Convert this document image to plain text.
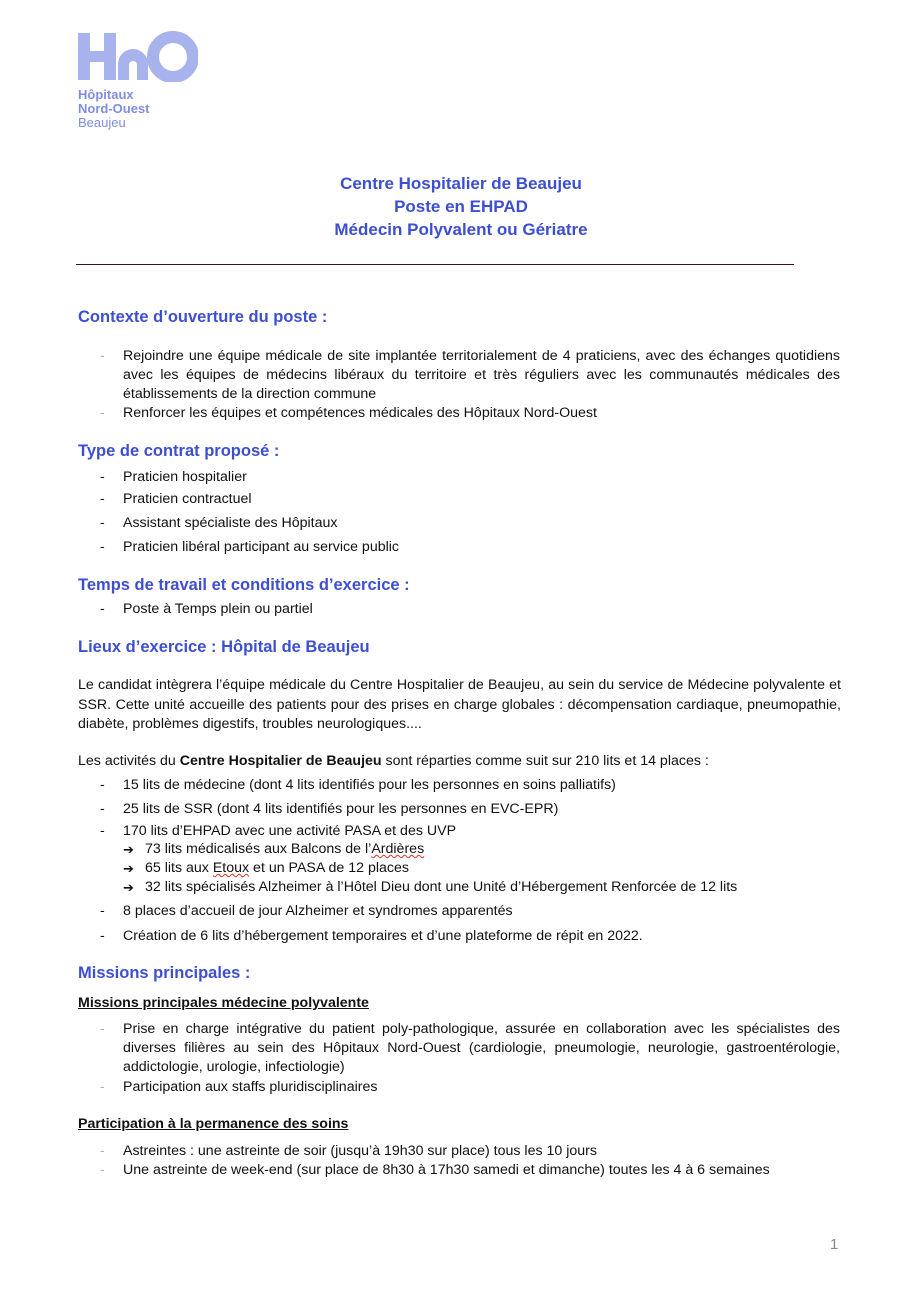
Hôpitaux
Nord-Ouest
Beaujeu
Centre Hospitalier de Beaujeu
Poste en EHPAD
Médecin Polyvalent ou Gériatre
Contexte d’ouverture du poste :
- Rejoindre une équipe médicale de site implantée territorialement de 4 praticiens, avec des échanges quotidiens avec les équipes de médecins libéraux du territoire et très réguliers avec les communautés médicales des établissements de la direction commune
- Renforcer les équipes et compétences médicales des Hôpitaux Nord-Ouest
Type de contrat proposé :
- Praticien hospitalier
- Praticien contractuel
- Assistant spécialiste des Hôpitaux
- Praticien libéral participant au service public
Temps de travail et conditions d’exercice :
- Poste à Temps plein ou partiel
Lieux d’exercice : Hôpital de Beaujeu
Le candidat intègrera l’équipe médicale du Centre Hospitalier de Beaujeu, au sein du service de Médecine polyvalente et SSR. Cette unité accueille des patients pour des prises en charge globales : décompensation cardiaque, pneumopathie, diabète, problèmes digestifs, troubles neurologiques....
Les activités du Centre Hospitalier de Beaujeu sont réparties comme suit sur 210 lits et 14 places :
- 15 lits de médecine (dont 4 lits identifiés pour les personnes en soins palliatifs)
- 25 lits de SSR (dont 4 lits identifiés pour les personnes en EVC-EPR)
- 170 lits d’EHPAD avec une activité PASA et des UVP
➔ 73 lits médicalisés aux Balcons de l’Ardières
➔ 65 lits aux Etoux et un PASA de 12 places
➔ 32 lits spécialisés Alzheimer à l’Hôtel Dieu dont une Unité d’Hébergement Renforcée de 12 lits
- 8 places d’accueil de jour Alzheimer et syndromes apparentés
- Création de 6 lits d’hébergement temporaires et d’une plateforme de répit en 2022.
Missions principales :
Missions principales médecine polyvalente
- Prise en charge intégrative du patient poly-pathologique, assurée en collaboration avec les spécialistes des diverses filières au sein des Hôpitaux Nord-Ouest (cardiologie, pneumologie, neurologie, gastroentérologie, addictologie, urologie, infectiologie)
- Participation aux staffs pluridisciplinaires
Participation à la permanence des soins
- Astreintes : une astreinte de soir (jusqu’à 19h30 sur place) tous les 10 jours
- Une astreinte de week-end (sur place de 8h30 à 17h30 samedi et dimanche) toutes les 4 à 6 semaines
1
